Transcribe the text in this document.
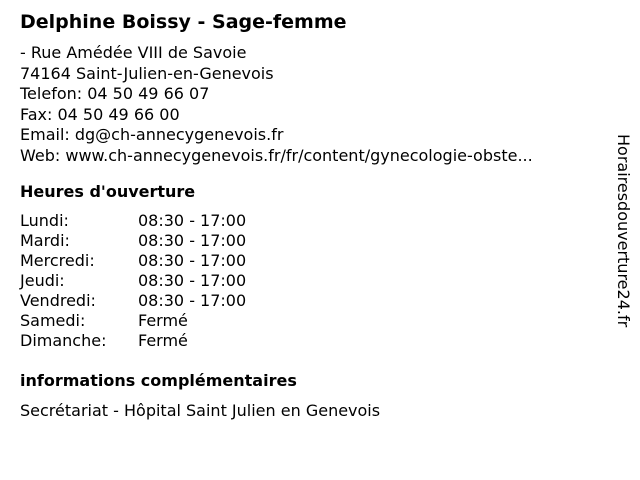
Delphine Boissy - Sage-femme
- Rue Amédée VIII de Savoie
74164 Saint-Julien-en-Genevois
Telefon: 04 50 49 66 07
Fax: 04 50 49 66 00
Email: dg@ch-annecygenevois.fr
Web: www.ch-annecygenevois.fr/fr/content/gynecologie-obste...
Heures d'ouverture
Lundi:	08:30 - 17:00
Mardi:	08:30 - 17:00
Mercredi:	08:30 - 17:00
Jeudi:	08:30 - 17:00
Vendredi:	08:30 - 17:00
Samedi:	Fermé
Dimanche:	Fermé
informations complémentaires
Secrétariat - Hôpital Saint Julien en Genevois
Horairesdouverture24.fr
